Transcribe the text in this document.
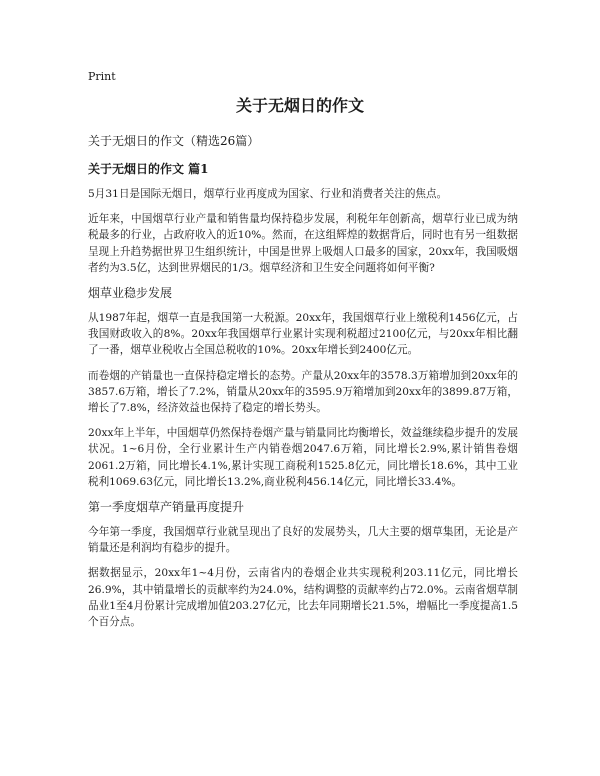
Print
关于无烟日的作文

关于无烟日的作文（精选26篇）

关于无烟日的作文 篇1

5月31日是国际无烟日，烟草行业再度成为国家、行业和消费者关注的焦点。

近年来，中国烟草行业产量和销售量均保持稳步发展，利税年年创新高，烟草行业已成为纳税最多的行业，占政府收入的近10%。然而，在这组辉煌的数据背后，同时也有另一组数据呈现上升趋势据世界卫生组织统计，中国是世界上吸烟人口最多的国家，20xx年，我国吸烟者约为3.5亿，达到世界烟民的1/3。烟草经济和卫生安全问题将如何平衡?

烟草业稳步发展

从1987年起，烟草一直是我国第一大税源。20xx年，我国烟草行业上缴税利1456亿元，占我国财政收入的8%。20xx年我国烟草行业累计实现利税超过2100亿元，与20xx年相比翻了一番，烟草业税收占全国总税收的10%。20xx年增长到2400亿元。

而卷烟的产销量也一直保持稳定增长的态势。产量从20xx年的3578.3万箱增加到20xx年的3857.6万箱，增长了7.2%，销量从20xx年的3595.9万箱增加到20xx年的3899.87万箱，增长了7.8%，经济效益也保持了稳定的增长势头。

20xx年上半年，中国烟草仍然保持卷烟产量与销量同比均衡增长，效益继续稳步提升的发展状况。1~6月份，全行业累计生产内销卷烟2047.6万箱，同比增长2.9%,累计销售卷烟2061.2万箱，同比增长4.1%,累计实现工商税利1525.8亿元，同比增长18.6%，其中工业税利1069.63亿元，同比增长13.2%,商业税利456.14亿元，同比增长33.4%。

第一季度烟草产销量再度提升

今年第一季度，我国烟草行业就呈现出了良好的发展势头，几大主要的烟草集团，无论是产销量还是利润均有稳步的提升。

据数据显示，20xx年1~4月份，云南省内的卷烟企业共实现税利203.11亿元，同比增长26.9%，其中销量增长的贡献率约为24.0%，结构调整的贡献率约占72.0%。云南省烟草制品业1至4月份累计完成增加值203.27亿元，比去年同期增长21.5%，增幅比一季度提高1.5个百分点。
